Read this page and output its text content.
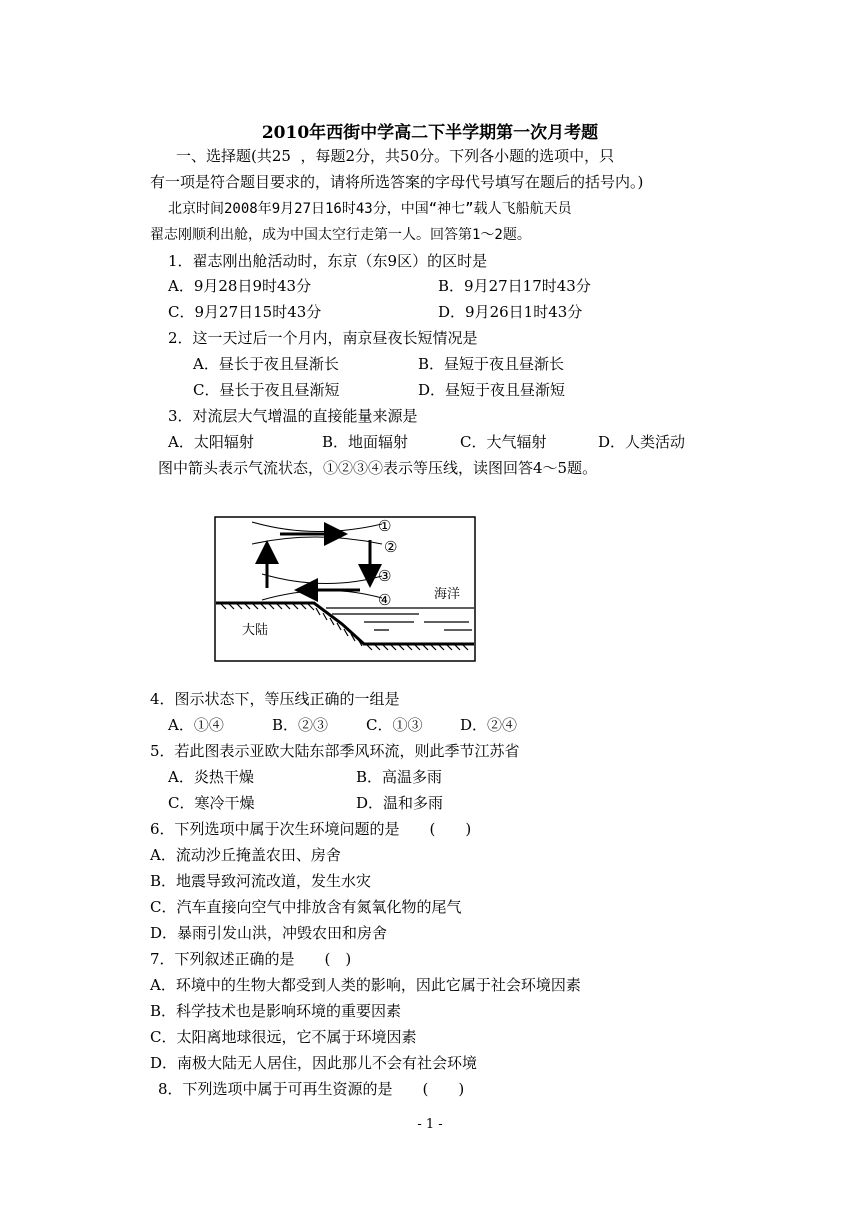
2010年西街中学高二下半学期第一次月考题
一、选择题(共25  ，每题2分，共50分。下列各小题的选项中，只
有一项是符合题目要求的，请将所选答案的字母代号填写在题后的括号内。)
北京时间2008年9月27日16时43分，中国“神七”载人飞船航天员
翟志刚顺利出舱，成为中国太空行走第一人。回答第1～2题。
1．翟志刚出舱活动时，东京（东9区）的区时是
A．9月28日9时43分	B．9月27日17时43分
C．9月27日15时43分	D．9月26日1时43分
2．这一天过后一个月内，南京昼夜长短情况是
A．昼长于夜且昼渐长	B．昼短于夜且昼渐长
C．昼长于夜且昼渐短	D．昼短于夜且昼渐短
3．对流层大气增温的直接能量来源是
A．太阳辐射	B．地面辐射	C．大气辐射	D．人类活动
图中箭头表示气流状态，①②③④表示等压线，读图回答4～5题。
①
②
③
④	海洋
大陆
4．图示状态下，等压线正确的一组是
A．①④	B．②③	C．①③	D．②④
5．若此图表示亚欧大陆东部季风环流，则此季节江苏省
A．炎热干燥	B．高温多雨
C．寒冷干燥	D．温和多雨
6．下列选项中属于次生环境问题的是　　(　　)
A．流动沙丘掩盖农田、房舍
B．地震导致河流改道，发生水灾
C．汽车直接向空气中排放含有氮氧化物的尾气
D．暴雨引发山洪，冲毁农田和房舍
7．下列叙述正确的是　　(　)
A．环境中的生物大都受到人类的影响，因此它属于社会环境因素
B．科学技术也是影响环境的重要因素
C．太阳离地球很远，它不属于环境因素
D．南极大陆无人居住，因此那儿不会有社会环境
8．下列选项中属于可再生资源的是　　(　　)
- 1 -
